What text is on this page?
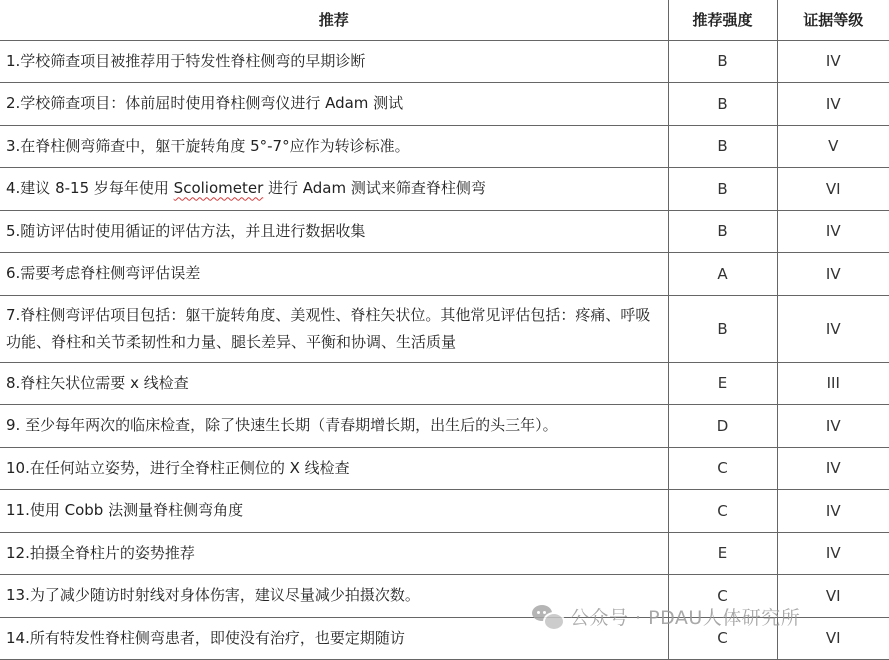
推荐	推荐强度	证据等级
1.学校筛查项目被推荐用于特发性脊柱侧弯的早期诊断	B	IV
2.学校筛查项目：体前屈时使用脊柱侧弯仪进行 Adam 测试	B	IV
3.在脊柱侧弯筛查中，躯干旋转角度 5°-7°应作为转诊标准。	B	V
4.建议 8-15 岁每年使用 Scoliometer 进行 Adam 测试来筛查脊柱侧弯	B	VI
5.随访评估时使用循证的评估方法，并且进行数据收集	B	IV
6.需要考虑脊柱侧弯评估误差	A	IV
7.脊柱侧弯评估项目包括：躯干旋转角度、美观性、脊柱矢状位。其他常见评估包括：疼痛、呼吸功能、脊柱和关节柔韧性和力量、腿长差异、平衡和协调、生活质量	B	IV
8.脊柱矢状位需要 x 线检查	E	III
9. 至少每年两次的临床检查，除了快速生长期（青春期增长期，出生后的头三年）。	D	IV
10.在任何站立姿势，进行全脊柱正侧位的 X 线检查	C	IV
11.使用 Cobb 法测量脊柱侧弯角度	C	IV
12.拍摄全脊柱片的姿势推荐	E	IV
13.为了减少随访时射线对身体伤害，建议尽量减少拍摄次数。	C	VI
14.所有特发性脊柱侧弯患者，即使没有治疗，也要定期随访	C	VI
公众号 · PDAU人体研究所
